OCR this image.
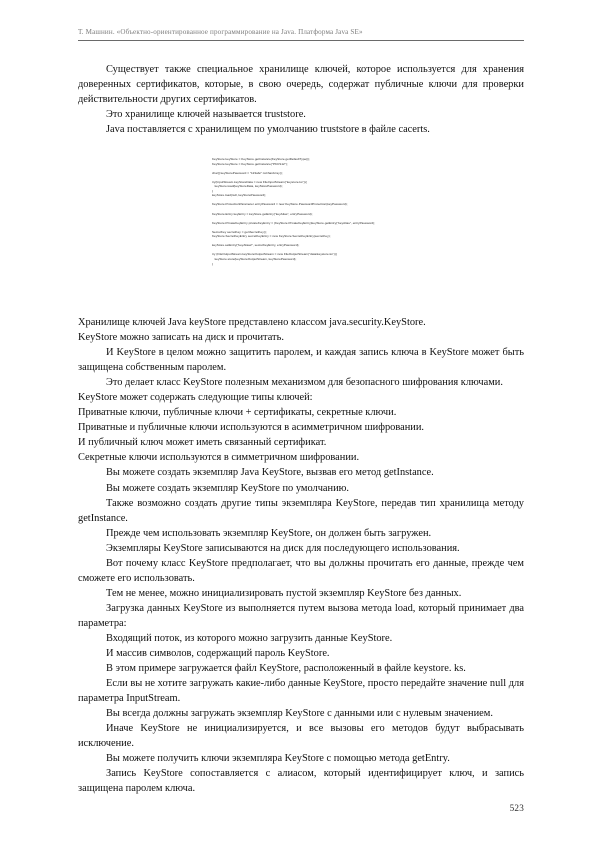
Т. Машнин. «Объектно-ориентированное программирование на Java. Платформа Java SE»

Существует также специальное хранилище ключей, которое используется для хранения доверенных сертификатов, которые, в свою очередь, содержат публичные ключи для проверки действительности других сертификатов.

Это хранилище ключей называется truststore.

Java поставляется с хранилищем по умолчанию truststore в файле cacerts.

KeyStore keyStore = KeyStore.getInstance(KeyStore.getDefaultType());
KeyStore keyStore = KeyStore.getInstance("PKCS12");
char[] keyStorePassword = "123abc".toCharArray();
try(InputStream keyStoreData = new FileInputStream("keystore.ks")){
keyStore.load(keyStoreData, keyStorePassword);
}
keyStore.load(null, keyStorePassword);
KeyStore.ProtectionParameter entryPassword = new KeyStore.PasswordProtection(keyPassword);
KeyStore.Entry keyEntry = keyStore.getEntry("keyAlias", entryPassword);
KeyStore.PrivateKeyEntry privateKeyEntry = (KeyStore.PrivateKeyEntry)keyStore.getEntry("keyAlias", entryPassword);
SecretKey secretKey = genSecretKey();
KeyStore.SecretKeyEntry secretKeyEntry = new KeyStore.SecretKeyEntry(secretKey);
keyStore.setEntry("keyAlias2", secretKeyEntry, entryPassword);
try (FileOutputStream keyStoreOutputStream = new FileOutputStream("data/keystore.ks")){
keyStore.store(keyStoreOutputStream, keyStorePassword);
}

Хранилище ключей Java keyStore представлено классом java.security.KeyStore.

KeyStore можно записать на диск и прочитать.

И KeyStore в целом можно защитить паролем, и каждая запись ключа в KeyStore может быть защищена собственным паролем.

Это делает класс KeyStore полезным механизмом для безопасного шифрования ключами.

KeyStore может содержать следующие типы ключей:

Приватные ключи, публичные ключи + сертификаты, секретные ключи.

Приватные и публичные ключи используются в асимметричном шифровании.

И публичный ключ может иметь связанный сертификат.

Секретные ключи используются в симметричном шифровании.

Вы можете создать экземпляр Java KeyStore, вызвав его метод getInstance.

Вы можете создать экземпляр KeyStore по умолчанию.

Также возможно создать другие типы экземпляра KeyStore, передав тип хранилища методу getInstance.

Прежде чем использовать экземпляр KeyStore, он должен быть загружен.

Экземпляры KeyStore записываются на диск для последующего использования.

Вот почему класс KeyStore предполагает, что вы должны прочитать его данные, прежде чем сможете его использовать.

Тем не менее, можно инициализировать пустой экземпляр KeyStore без данных.

Загрузка данных KeyStore из выполняется путем вызова метода load, который принимает два параметра:

Входящий поток, из которого можно загрузить данные KeyStore.

И массив символов, содержащий пароль KeyStore.

В этом примере загружается файл KeyStore, расположенный в файле keystore. ks.

Если вы не хотите загружать какие-либо данные KeyStore, просто передайте значение null для параметра InputStream.

Вы всегда должны загружать экземпляр KeyStore с данными или с нулевым значением.

Иначе KeyStore не инициализируется, и все вызовы его методов будут выбрасывать исключение.

Вы можете получить ключи экземпляра KeyStore с помощью метода getEntry.

Запись KeyStore сопоставляется с алиасом, который идентифицирует ключ, и запись защищена паролем ключа.

523
